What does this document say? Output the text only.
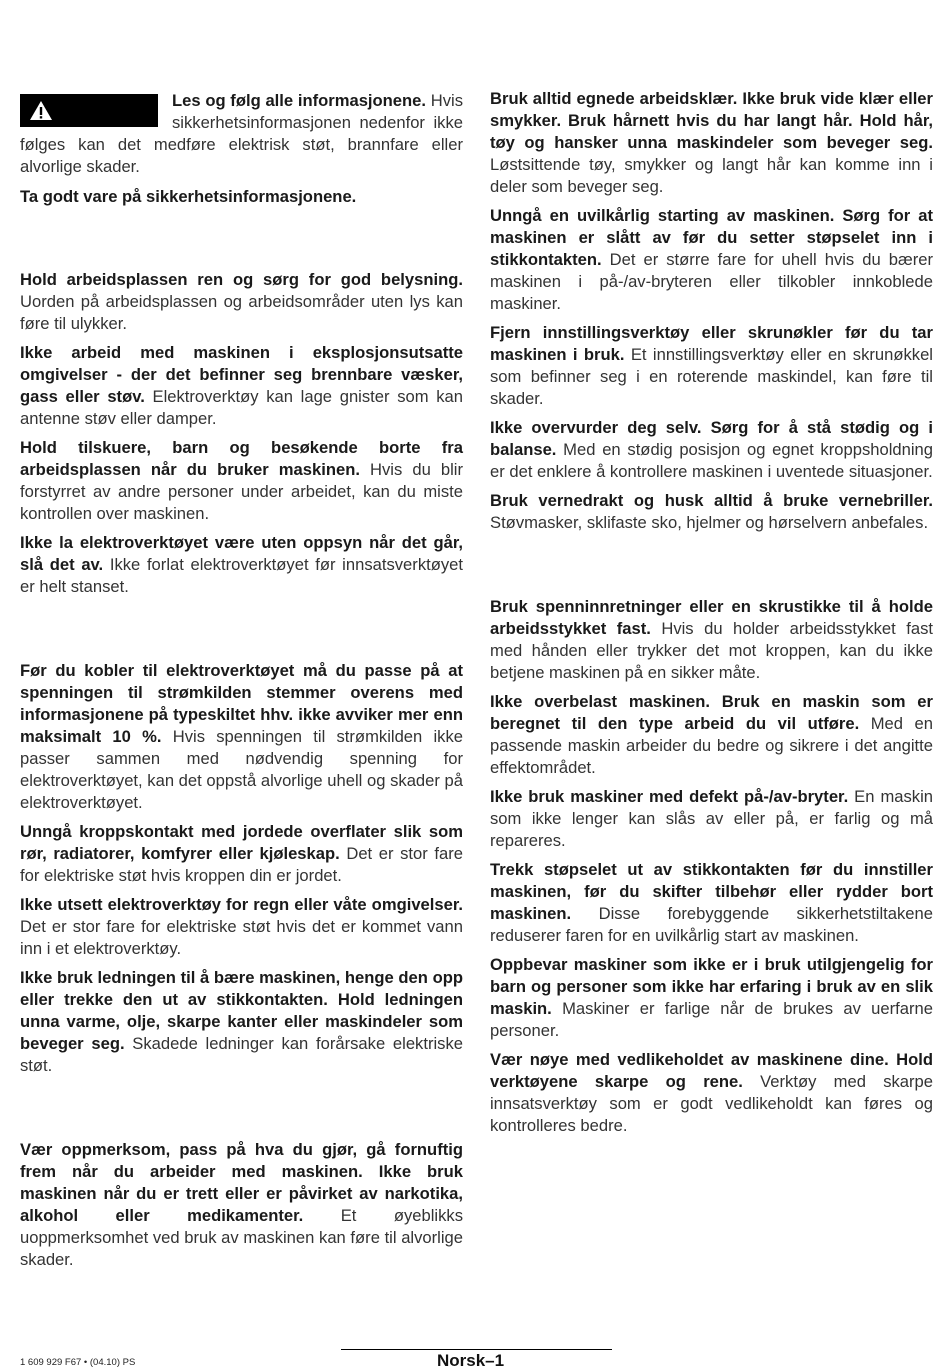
Les og følg alle informasjonene. Hvis sikkerhetsinformasjonen nedenfor ikke følges kan det medføre elektrisk støt, brannfare eller alvorlige skader.

Ta godt vare på sikkerhetsinformasjonene.

Hold arbeidsplassen ren og sørg for god belysning. Uorden på arbeidsplassen og arbeidsområder uten lys kan føre til ulykker.

Ikke arbeid med maskinen i eksplosjonsutsatte omgivelser - der det befinner seg brennbare væsker, gass eller støv. Elektroverktøy kan lage gnister som kan antenne støv eller damper.

Hold tilskuere, barn og besøkende borte fra arbeidsplassen når du bruker maskinen. Hvis du blir forstyrret av andre personer under arbeidet, kan du miste kontrollen over maskinen.

Ikke la elektroverktøyet være uten oppsyn når det går, slå det av. Ikke forlat elektroverktøyet før innsatsverktøyet er helt stanset.

Før du kobler til elektroverktøyet må du passe på at spenningen til strømkilden stemmer overens med informasjonene på typeskiltet hhv. ikke avviker mer enn maksimalt 10 %. Hvis spenningen til strømkilden ikke passer sammen med nødvendig spenning for elektroverktøyet, kan det oppstå alvorlige uhell og skader på elektroverktøyet.

Unngå kroppskontakt med jordede overflater slik som rør, radiatorer, komfyrer eller kjøleskap. Det er stor fare for elektriske støt hvis kroppen din er jordet.

Ikke utsett elektroverktøy for regn eller våte omgivelser. Det er stor fare for elektriske støt hvis det er kommet vann inn i et elektroverktøy.

Ikke bruk ledningen til å bære maskinen, henge den opp eller trekke den ut av stikkontakten. Hold ledningen unna varme, olje, skarpe kanter eller maskindeler som beveger seg. Skadede ledninger kan forårsake elektriske støt.

Vær oppmerksom, pass på hva du gjør, gå fornuftig frem når du arbeider med maskinen. Ikke bruk maskinen når du er trett eller er påvirket av narkotika, alkohol eller medikamenter. Et øyeblikks uoppmerksomhet ved bruk av maskinen kan føre til alvorlige skader.

Bruk alltid egnede arbeidsklær. Ikke bruk vide klær eller smykker. Bruk hårnett hvis du har langt hår. Hold hår, tøy og hansker unna maskindeler som beveger seg. Løstsittende tøy, smykker og langt hår kan komme inn i deler som beveger seg.

Unngå en uvilkårlig starting av maskinen. Sørg for at maskinen er slått av før du setter støpselet inn i stikkontakten. Det er større fare for uhell hvis du bærer maskinen i på-/av-bryteren eller tilkobler innkoblede maskiner.

Fjern innstillingsverktøy eller skrunøkler før du tar maskinen i bruk. Et innstillingsverktøy eller en skrunøkkel som befinner seg i en roterende maskindel, kan føre til skader.

Ikke overvurder deg selv. Sørg for å stå stødig og i balanse. Med en stødig posisjon og egnet kroppsholdning er det enklere å kontrollere maskinen i uventede situasjoner.

Bruk vernedrakt og husk alltid å bruke vernebriller. Støvmasker, sklifaste sko, hjelmer og hørselvern anbefales.

Bruk spenninnretninger eller en skrustikke til å holde arbeidsstykket fast. Hvis du holder arbeidsstykket fast med hånden eller trykker det mot kroppen, kan du ikke betjene maskinen på en sikker måte.

Ikke overbelast maskinen. Bruk en maskin som er beregnet til den type arbeid du vil utføre. Med en passende maskin arbeider du bedre og sikrere i det angitte effektområdet.

Ikke bruk maskiner med defekt på-/av-bryter. En maskin som ikke lenger kan slås av eller på, er farlig og må repareres.

Trekk støpselet ut av stikkontakten før du innstiller maskinen, før du skifter tilbehør eller rydder bort maskinen. Disse forebyggende sikkerhetstiltakene reduserer faren for en uvilkårlig start av maskinen.

Oppbevar maskiner som ikke er i bruk utilgjengelig for barn og personer som ikke har erfaring i bruk av en slik maskin. Maskiner er farlige når de brukes av uerfarne personer.

Vær nøye med vedlikeholdet av maskinene dine. Hold verktøyene skarpe og rene. Verktøy med skarpe innsatsverktøy som er godt vedlikeholdt kan føres og kontrolleres bedre.

1 609 929 F67 • (04.10) PS	Norsk–1
